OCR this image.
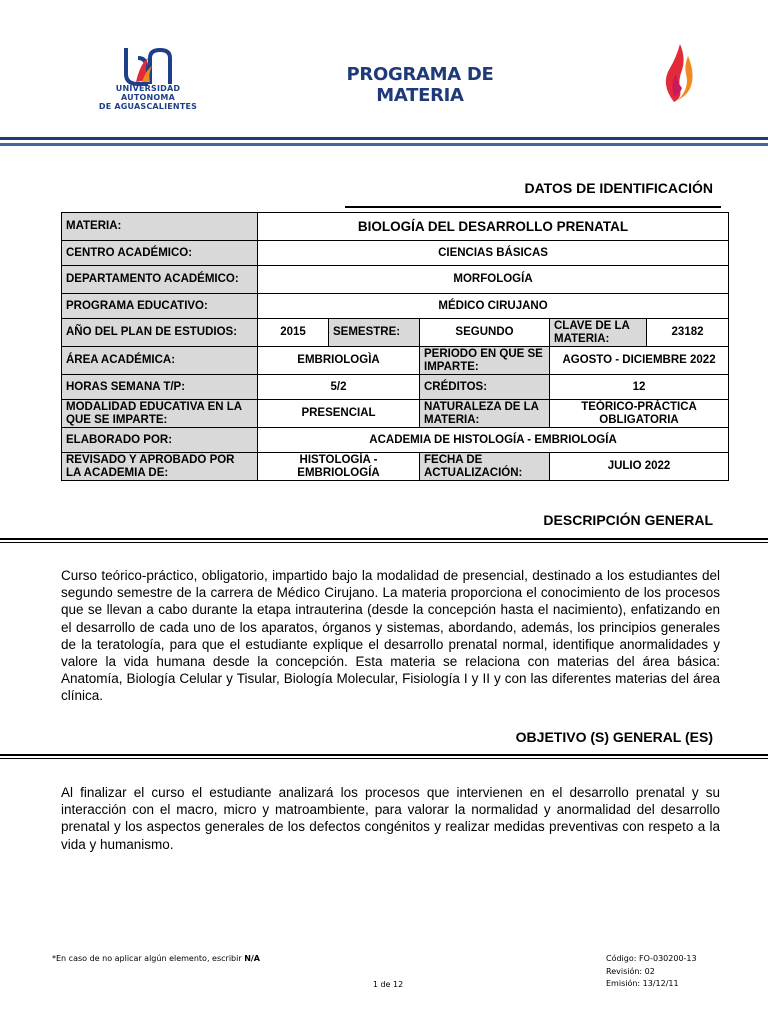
UNIVERSIDAD AUTONOMA
DE AGUASCALIENTES
PROGRAMA DE MATERIA
DATOS DE IDENTIFICACIÓN
MATERIA:	BIOLOGÍA DEL DESARROLLO PRENATAL				
CENTRO ACADÉMICO:	CIENCIAS BÁSICAS				
DEPARTAMENTO ACADÉMICO:	MORFOLOGÍA				
PROGRAMA EDUCATIVO:	MÉDICO CIRUJANO				
AÑO DEL PLAN DE ESTUDIOS:	2015	SEMESTRE:	SEGUNDO	CLAVE DE LA MATERIA:	23182
ÁREA ACADÉMICA:	EMBRIOLOGÌA		PERIODO EN QUE SE IMPARTE:	AGOSTO - DICIEMBRE 2022	
HORAS SEMANA T/P:	5/2		CRÉDITOS:	12	
MODALIDAD EDUCATIVA EN LA QUE SE IMPARTE:	PRESENCIAL		NATURALEZA DE LA MATERIA:	TEÓRICO-PRÁCTICA OBLIGATORIA	
ELABORADO POR:	ACADEMIA DE HISTOLOGÍA - EMBRIOLOGÍA				
REVISADO Y APROBADO POR LA ACADEMIA DE:	HISTOLOGÍA - EMBRIOLOGÍA		FECHA DE ACTUALIZACIÓN:	JULIO 2022	
DESCRIPCIÓN GENERAL
Curso teórico-práctico, obligatorio, impartido bajo la modalidad de presencial, destinado a los estudiantes del segundo semestre de la carrera de Médico Cirujano. La materia proporciona el conocimiento de los procesos que se llevan a cabo durante la etapa intrauterina (desde la concepción hasta el nacimiento), enfatizando en el desarrollo de cada uno de los aparatos, órganos y sistemas, abordando, además, los principios generales de la teratología, para que el estudiante explique el desarrollo prenatal normal, identifique anormalidades y valore la vida humana desde la concepción. Esta materia se relaciona con materias del área básica: Anatomía, Biología Celular y Tisular, Biología Molecular, Fisiología I y II y con las diferentes materias del área clínica.
OBJETIVO (S) GENERAL (ES)
Al finalizar el curso el estudiante analizará los procesos que intervienen en el desarrollo prenatal y su interacción con el macro, micro y matroambiente, para valorar la normalidad y anormalidad del desarrollo prenatal y los aspectos generales de los defectos congénitos y realizar medidas preventivas con respeto a la vida y humanismo.
*En caso de no aplicar algún elemento, escribir N/A
1 de 12
Código: FO-030200-13
Revisión: 02
Emisión: 13/12/11
